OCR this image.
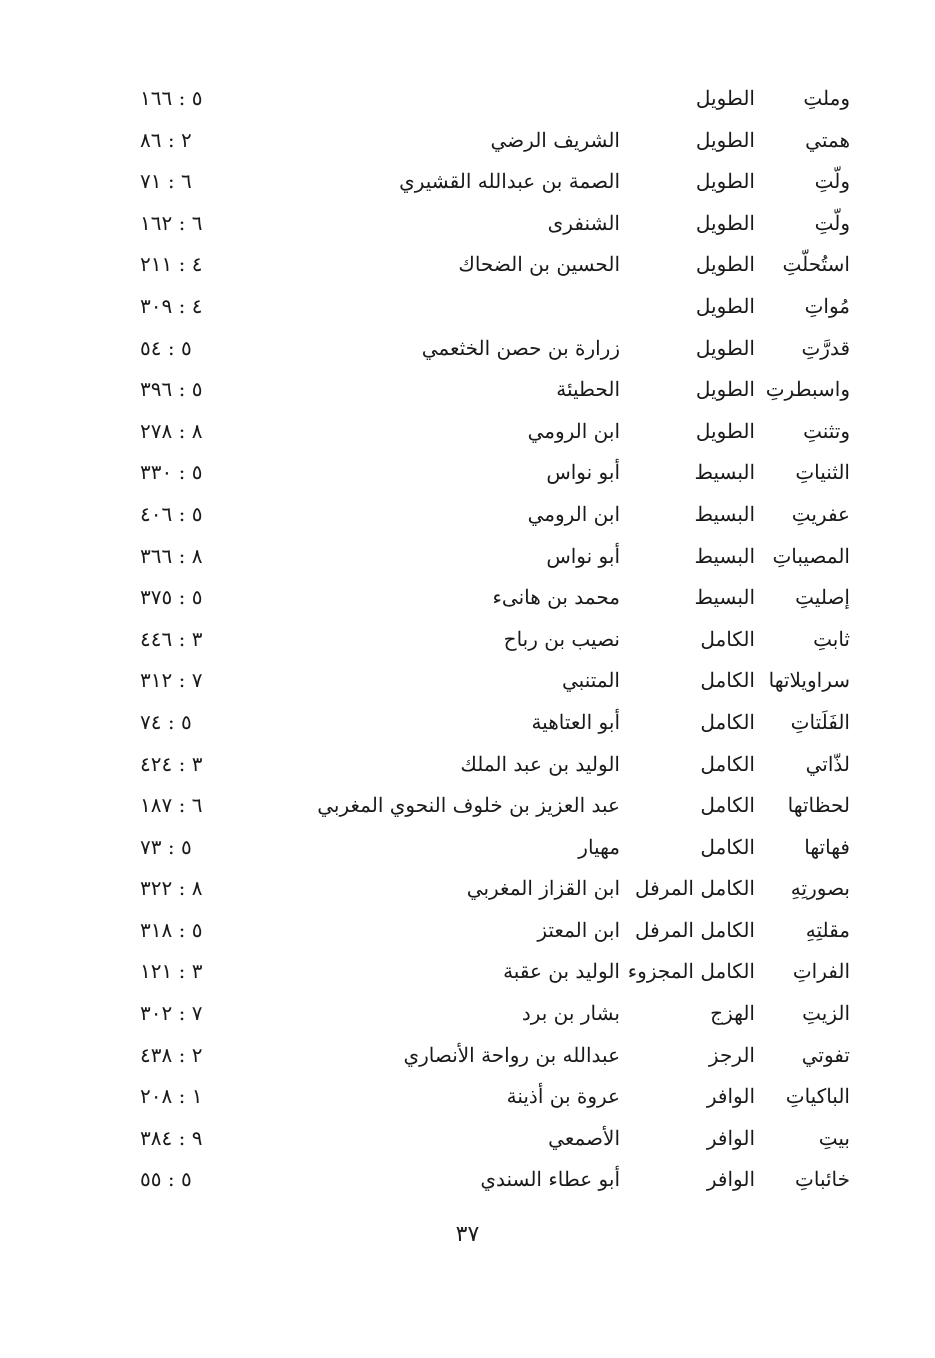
وملتِ
الطويل
٥ : ١٦٦
همتي
الطويل
الشريف الرضي
٢ : ٨٦
ولّتِ
الطويل
الصمة بن عبدالله القشيري
٦ : ٧١
ولّتِ
الطويل
الشنفرى
٦ : ١٦٢
استُحلّتِ
الطويل
الحسين بن الضحاك
٤ : ٢١١
مُواتِ
الطويل
٤ : ٣٠٩
قدرَّتِ
الطويل
زرارة بن حصن الخثعمي
٥ : ٥٤
واسبطرتِ
الطويل
الحطيئة
٥ : ٣٩٦
وتثنتِ
الطويل
ابن الرومي
٨ : ٢٧٨
الثنياتِ
البسيط
أبو نواس
٥ : ٣٣٠
عفريتِ
البسيط
ابن الرومي
٥ : ٤٠٦
المصيباتِ
البسيط
أبو نواس
٨ : ٣٦٦
إصليتِ
البسيط
محمد بن هانىء
٥ : ٣٧٥
ثابتِ
الكامل
نصيب بن رباح
٣ : ٤٤٦
سراويلاتها
الكامل
المتنبي
٧ : ٣١٢
الفَلَتاتِ
الكامل
أبو العتاهية
٥ : ٧٤
لذّاتي
الكامل
الوليد بن عبد الملك
٣ : ٤٢٤
لحظاتها
الكامل
عبد العزيز بن خلوف النحوي المغربي
٦ : ١٨٧
فهاتها
الكامل
مهيار
٥ : ٧٣
بصورتِهِ
الكامل المرفل
ابن القزاز المغربي
٨ : ٣٢٢
مقلتِهِ
الكامل المرفل
ابن المعتز
٥ : ٣١٨
الفراتِ
الكامل المجزوء
الوليد بن عقبة
٣ : ١٢١
الزيتِ
الهزج
بشار بن برد
٧ : ٣٠٢
تفوتي
الرجز
عبدالله بن رواحة الأنصاري
٢ : ٤٣٨
الباكياتِ
الوافر
عروة بن أذينة
١ : ٢٠٨
بيتِ
الوافر
الأصمعي
٩ : ٣٨٤
خائباتِ
الوافر
أبو عطاء السندي
٥ : ٥٥
٣٧
